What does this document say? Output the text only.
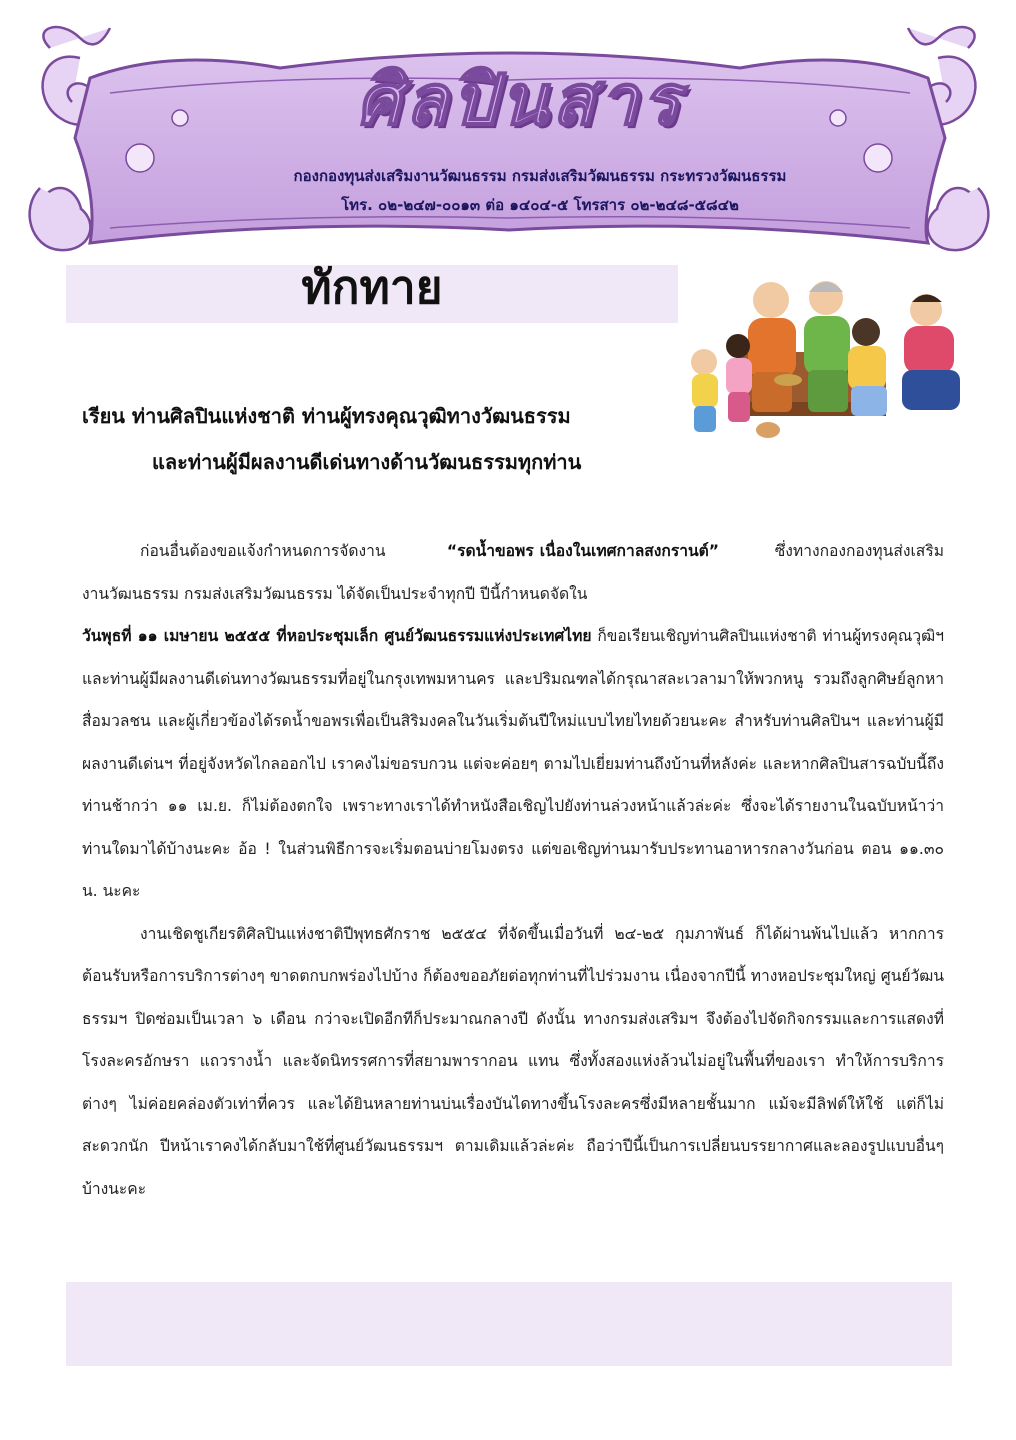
ศิลปินสาร
กองกองทุนส่งเสริมงานวัฒนธรรม กรมส่งเสริมวัฒนธรรม กระทรวงวัฒนธรรม
โทร. ๐๒-๒๔๗-๐๐๑๓ ต่อ ๑๔๐๔-๕ โทรสาร ๐๒-๒๔๘-๕๘๔๒
ทักทาย
เรียน ท่านศิลปินแห่งชาติ ท่านผู้ทรงคุณวุฒิทางวัฒนธรรม
และท่านผู้มีผลงานดีเด่นทางด้านวัฒนธรรมทุกท่าน

ก่อนอื่นต้องขอแจ้งกำหนดการจัดงาน	“รดน้ำขอพร เนื่องในเทศกาลสงกรานต์”	ซึ่งทางกองกองทุนส่งเสริมงานวัฒนธรรม กรมส่งเสริมวัฒนธรรม ได้จัดเป็นประจำทุกปี ปีนี้กำหนดจัดใน
วันพุธที่ ๑๑ เมษายน ๒๕๕๕ ที่หอประชุมเล็ก ศูนย์วัฒนธรรมแห่งประเทศไทย ก็ขอเรียนเชิญท่านศิลปินแห่งชาติ ท่านผู้ทรงคุณวุฒิฯ และท่านผู้มีผลงานดีเด่นทางวัฒนธรรมที่อยู่ในกรุงเทพมหานคร และปริมณฑลได้กรุณาสละเวลามาให้พวกหนู รวมถึงลูกศิษย์ลูกหา สื่อมวลชน และผู้เกี่ยวข้องได้รดน้ำขอพรเพื่อเป็นสิริมงคลในวันเริ่มต้นปีใหม่แบบไทยไทยด้วยนะคะ สำหรับท่านศิลปินฯ และท่านผู้มีผลงานดีเด่นฯ ที่อยู่จังหวัดไกลออกไป เราคงไม่ขอรบกวน แต่จะค่อยๆ ตามไปเยี่ยมท่านถึงบ้านที่หลังค่ะ และหากศิลปินสารฉบับนี้ถึงท่านช้ากว่า ๑๑ เม.ย. ก็ไม่ต้องตกใจ เพราะทางเราได้ทำหนังสือเชิญไปยังท่านล่วงหน้าแล้วล่ะค่ะ ซึ่งจะได้รายงานในฉบับหน้าว่าท่านใดมาได้บ้างนะคะ อ้อ ! ในส่วนพิธีการจะเริ่มตอนบ่ายโมงตรง แต่ขอเชิญท่านมารับประทานอาหารกลางวันก่อน ตอน ๑๑.๓๐ น. นะคะ

งานเชิดชูเกียรติศิลปินแห่งชาติปีพุทธศักราช ๒๕๕๔ ที่จัดขึ้นเมื่อวันที่ ๒๔-๒๕ กุมภาพันธ์ ก็ได้ผ่านพ้นไปแล้ว หากการต้อนรับหรือการบริการต่างๆ ขาดตกบกพร่องไปบ้าง ก็ต้องขออภัยต่อทุกท่านที่ไปร่วมงาน เนื่องจากปีนี้ ทางหอประชุมใหญ่ ศูนย์วัฒนธรรมฯ ปิดซ่อมเป็นเวลา ๖ เดือน กว่าจะเปิดอีกทีก็ประมาณกลางปี ดังนั้น ทางกรมส่งเสริมฯ จึงต้องไปจัดกิจกรรมและการแสดงที่โรงละครอักษรา แถวรางน้ำ และจัดนิทรรศการที่สยามพารากอน แทน ซึ่งทั้งสองแห่งล้วนไม่อยู่ในพื้นที่ของเรา ทำให้การบริการต่างๆ ไม่ค่อยคล่องตัวเท่าที่ควร และได้ยินหลายท่านบ่นเรื่องบันไดทางขึ้นโรงละครซึ่งมีหลายชั้นมาก แม้จะมีลิฟต์ให้ใช้ แต่ก็ไม่สะดวกนัก ปีหน้าเราคงได้กลับมาใช้ที่ศูนย์วัฒนธรรมฯ ตามเดิมแล้วล่ะค่ะ ถือว่าปีนี้เป็นการเปลี่ยนบรรยากาศและลองรูปแบบอื่นๆ บ้างนะคะ
